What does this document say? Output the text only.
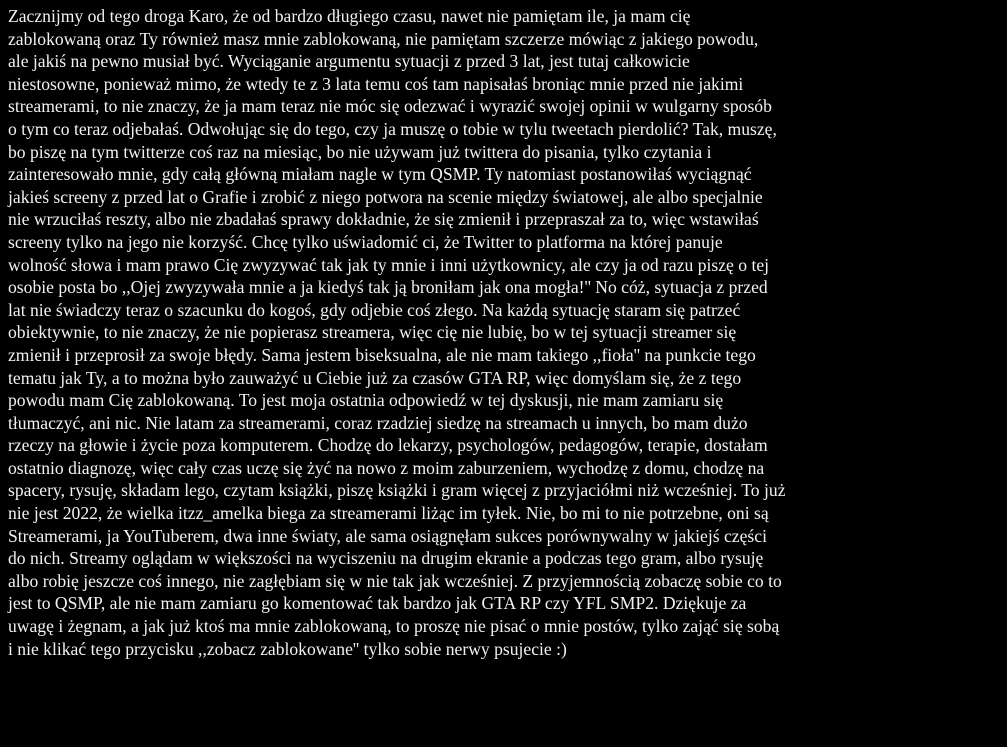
Zacznijmy od tego droga Karo, że od bardzo długiego czasu, nawet nie pamiętam ile, ja mam cię
zablokowaną oraz Ty również masz mnie zablokowaną, nie pamiętam szczerze mówiąc z jakiego powodu,
ale jakiś na pewno musiał być. Wyciąganie argumentu sytuacji z przed 3 lat, jest tutaj całkowicie
niestosowne, ponieważ mimo, że wtedy te z 3 lata temu coś tam napisałaś broniąc mnie przed nie jakimi
streamerami, to nie znaczy, że ja mam teraz nie móc się odezwać i wyrazić swojej opinii w wulgarny sposób
o tym co teraz odjebałaś. Odwołując się do tego, czy ja muszę o tobie w tylu tweetach pierdolić? Tak, muszę,
bo piszę na tym twitterze coś raz na miesiąc, bo nie używam już twittera do pisania, tylko czytania i
zainteresowało mnie, gdy całą główną miałam nagle w tym QSMP. Ty natomiast postanowiłaś wyciągnąć
jakieś screeny z przed lat o Grafie i zrobić z niego potwora na scenie między światowej, ale albo specjalnie
nie wrzuciłaś reszty, albo nie zbadałaś sprawy dokładnie, że się zmienił i przepraszał za to, więc wstawiłaś
screeny tylko na jego nie korzyść. Chcę tylko uświadomić ci, że Twitter to platforma na której panuje
wolność słowa i mam prawo Cię zwyzywać tak jak ty mnie i inni użytkownicy, ale czy ja od razu piszę o tej
osobie posta bo ,,Ojej zwyzywała mnie a ja kiedyś tak ją broniłam jak ona mogła!'' No cóż, sytuacja z przed
lat nie świadczy teraz o szacunku do kogoś, gdy odjebie coś złego. Na każdą sytuację staram się patrzeć
obiektywnie, to nie znaczy, że nie popierasz streamera, więc cię nie lubię, bo w tej sytuacji streamer się
zmienił i przeprosił za swoje błędy. Sama jestem biseksualna, ale nie mam takiego ,,fioła'' na punkcie tego
tematu jak Ty, a to można było zauważyć u Ciebie już za czasów GTA RP, więc domyślam się, że z tego
powodu mam Cię zablokowaną. To jest moja ostatnia odpowiedź w tej dyskusji, nie mam zamiaru się
tłumaczyć, ani nic. Nie latam za streamerami, coraz rzadziej siedzę na streamach u innych, bo mam dużo
rzeczy na głowie i życie poza komputerem. Chodzę do lekarzy, psychologów, pedagogów, terapie, dostałam
ostatnio diagnozę, więc cały czas uczę się żyć na nowo z moim zaburzeniem, wychodzę z domu, chodzę na
spacery, rysuję, składam lego, czytam książki, piszę książki i gram więcej z przyjaciółmi niż wcześniej. To już
nie jest 2022, że wielka itzz_amelka biega za streamerami liżąc im tyłek. Nie, bo mi to nie potrzebne, oni są
Streamerami, ja YouTuberem, dwa inne światy, ale sama osiągnęłam sukces porównywalny w jakiejś części
do nich. Streamy oglądam w większości na wyciszeniu na drugim ekranie a podczas tego gram, albo rysuję
albo robię jeszcze coś innego, nie zagłębiam się w nie tak jak wcześniej. Z przyjemnością zobaczę sobie co to
jest to QSMP, ale nie mam zamiaru go komentować tak bardzo jak GTA RP czy YFL SMP2. Dziękuje za
uwagę i żegnam, a jak już ktoś ma mnie zablokowaną, to proszę nie pisać o mnie postów, tylko zająć się sobą
i nie klikać tego przycisku ,,zobacz zablokowane'' tylko sobie nerwy psujecie :)
